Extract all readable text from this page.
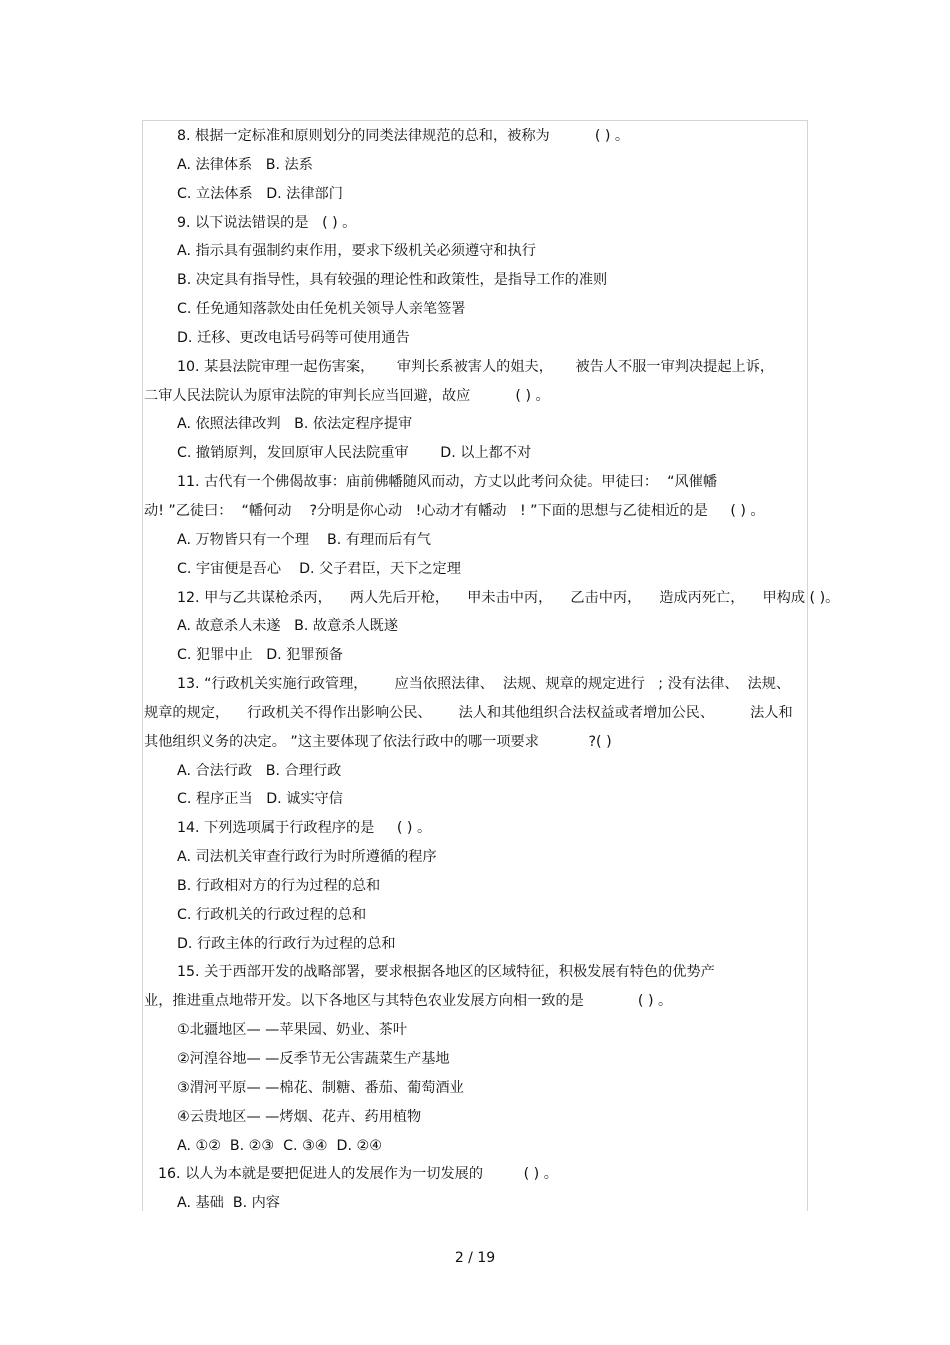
8. 根据一定标准和原则划分的同类法律规范的总和，被称为          ( ) 。
A. 法律体系   B. 法系
C. 立法体系   D. 法律部门
9. 以下说法错误的是   ( ) 。
A. 指示具有强制约束作用，要求下级机关必须遵守和执行
B. 决定具有指导性，具有较强的理论性和政策性，是指导工作的准则
C. 任免通知落款处由任免机关领导人亲笔签署
D. 迁移、更改电话号码等可使用通告
10. 某县法院审理一起伤害案，     审判长系被害人的姐夫，     被告人不服一审判决提起上诉，
二审人民法院认为原审法院的审判长应当回避，故应          ( ) 。
A. 依照法律改判   B. 依法定程序提审
C. 撤销原判，发回原审人民法院重审       D. 以上都不对
11. 古代有一个佛偈故事：庙前佛幡随风而动，方丈以此考问众徒。甲徒曰：  “风催幡
动! ”乙徒曰：  “幡何动    ?分明是你心动   !心动才有幡动   ! ”下面的思想与乙徒相近的是     ( ) 。
A. 万物皆只有一个理    B. 有理而后有气
C. 宇宙便是吾心    D. 父子君臣，天下之定理
12. 甲与乙共谋枪杀丙，    两人先后开枪，    甲未击中丙，    乙击中丙，    造成丙死亡，    甲构成 ( )。
A. 故意杀人未遂   B. 故意杀人既遂
C. 犯罪中止   D. 犯罪预备
13. “行政机关实施行政管理，      应当依照法律、  法规、规章的规定进行   ; 没有法律、  法规、
规章的规定，    行政机关不得作出影响公民、      法人和其他组织合法权益或者增加公民、        法人和
其他组织义务的决定。 ”这主要体现了依法行政中的哪一项要求           ?( )
A. 合法行政   B. 合理行政
C. 程序正当   D. 诚实守信
14. 下列选项属于行政程序的是     ( ) 。
A. 司法机关审查行政行为时所遵循的程序
B. 行政相对方的行为过程的总和
C. 行政机关的行政过程的总和
D. 行政主体的行政行为过程的总和
15. 关于西部开发的战略部署，要求根据各地区的区域特征，积极发展有特色的优势产
业，推进重点地带开发。以下各地区与其特色农业发展方向相一致的是            ( ) 。
①北疆地区— —苹果园、奶业、茶叶
②河湟谷地— —反季节无公害蔬菜生产基地
③渭河平原— —棉花、制糖、番茄、葡萄酒业
④云贵地区— —烤烟、花卉、药用植物
A. ①②  B. ②③  C. ③④  D. ②④
16. 以人为本就是要把促进人的发展作为一切发展的         ( ) 。
A. 基础  B. 内容
2 / 19
